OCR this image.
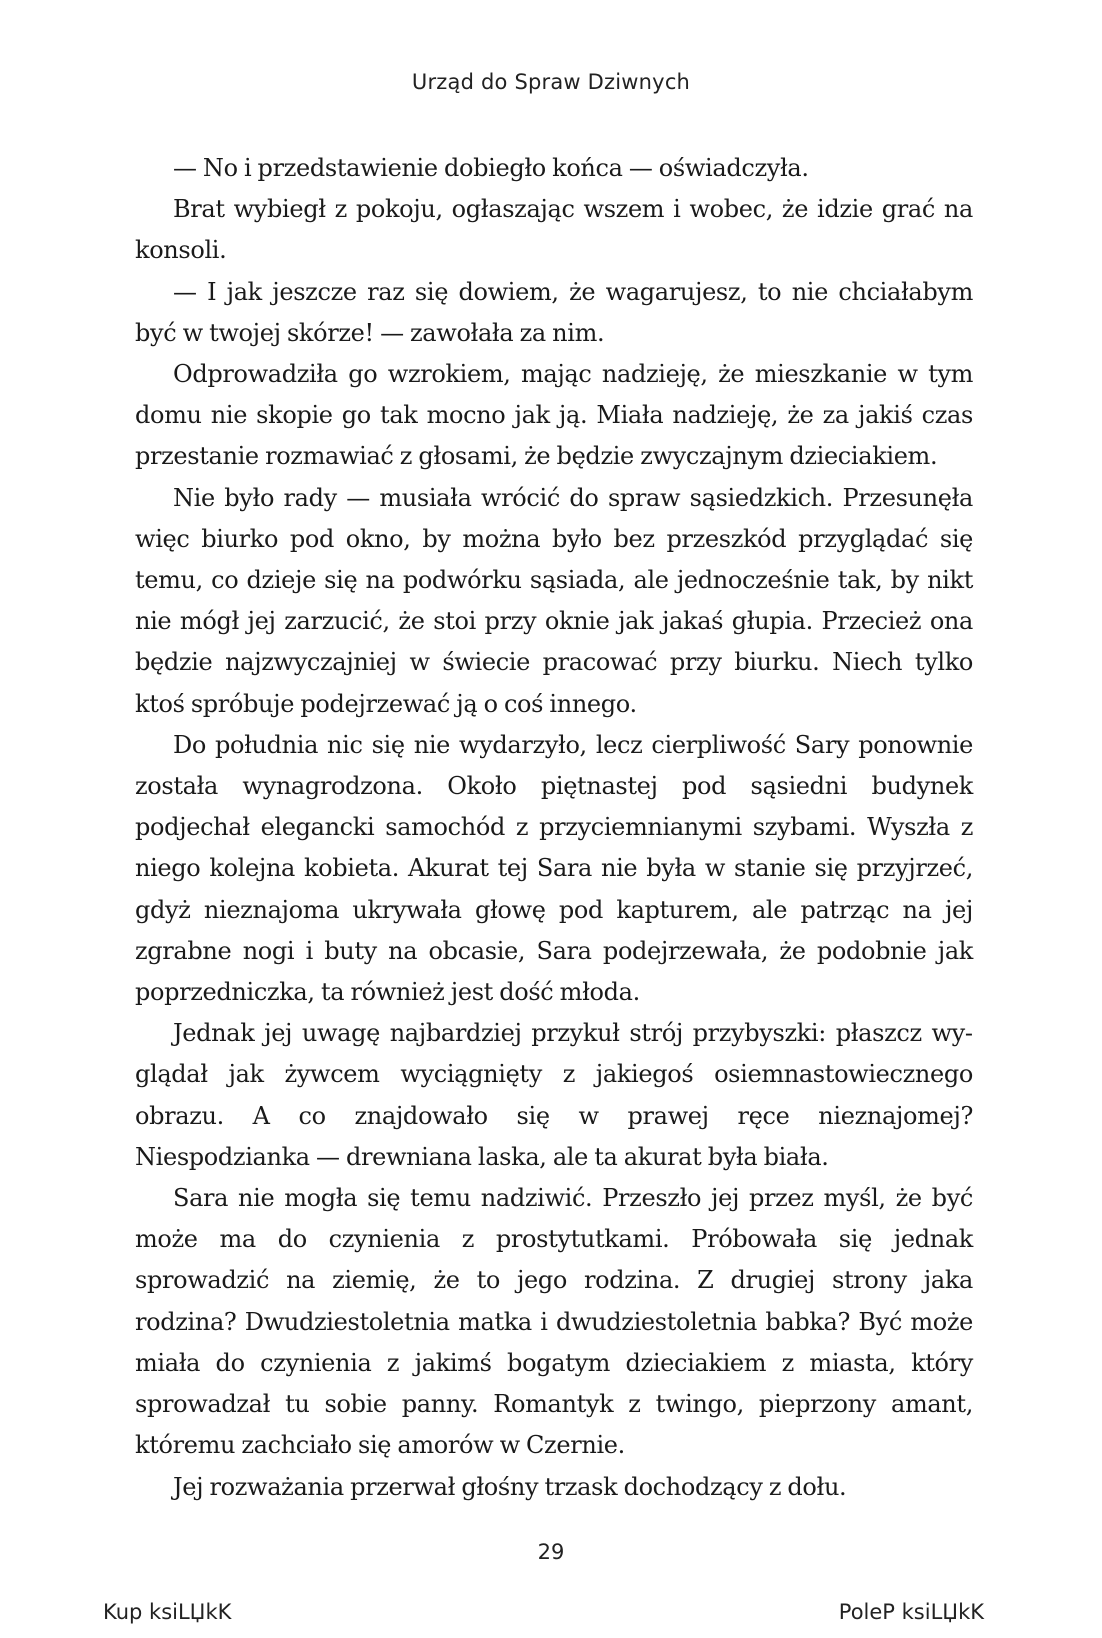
Urząd do Spraw Dziwnych

— No i przedstawienie dobiegło końca — oświadczyła.

Brat wybiegł z pokoju, ogłaszając wszem i wobec, że idzie grać na konsoli.

— I jak jeszcze raz się dowiem, że wagarujesz, to nie chciałabym być w twojej skórze! — zawołała za nim.

Odprowadziła go wzrokiem, mając nadzieję, że mieszkanie w tym domu nie skopie go tak mocno jak ją. Miała nadzieję, że za jakiś czas przestanie rozmawiać z głosami, że będzie zwyczajnym dzieciakiem.

Nie było rady — musiała wrócić do spraw sąsiedzkich. Przesunęła więc biurko pod okno, by można było bez przeszkód przyglądać się temu, co dzieje się na podwórku sąsiada, ale jednocześnie tak, by nikt nie mógł jej zarzucić, że stoi przy oknie jak jakaś głupia. Przecież ona będzie najzwyczajniej w świecie pracować przy biurku. Niech tylko ktoś spróbuje podejrzewać ją o coś innego.

Do południa nic się nie wydarzyło, lecz cierpliwość Sary ponownie została wynagrodzona. Około piętnastej pod sąsiedni budynek podjechał elegancki samochód z przyciemnianymi szybami. Wyszła z niego kolejna kobieta. Akurat tej Sara nie była w stanie się przyjrzeć, gdyż nieznajoma ukrywała głowę pod kapturem, ale patrząc na jej zgrabne nogi i buty na obcasie, Sara podejrzewała, że podobnie jak poprzedniczka, ta również jest dość młoda.

Jednak jej uwagę najbardziej przykuł strój przybyszki: płaszcz wyglądał jak żywcem wyciągnięty z jakiegoś osiemnastowiecznego obrazu. A co znajdowało się w prawej ręce nieznajomej? Niespodzianka — drewniana laska, ale ta akurat była biała.

Sara nie mogła się temu nadziwić. Przeszło jej przez myśl, że być może ma do czynienia z prostytutkami. Próbowała się jednak sprowadzić na ziemię, że to jego rodzina. Z drugiej strony jaka rodzina? Dwudziestoletnia matka i dwudziestoletnia babka? Być może miała do czynienia z jakimś bogatym dzieciakiem z miasta, który sprowadzał tu sobie panny. Romantyk z twingo, pieprzony amant, któremu zachciało się amorów w Czernie.

Jej rozważania przerwał głośny trzask dochodzący z dołu.

29
Kup ksiLЏkK	PoleP ksiLЏkK
